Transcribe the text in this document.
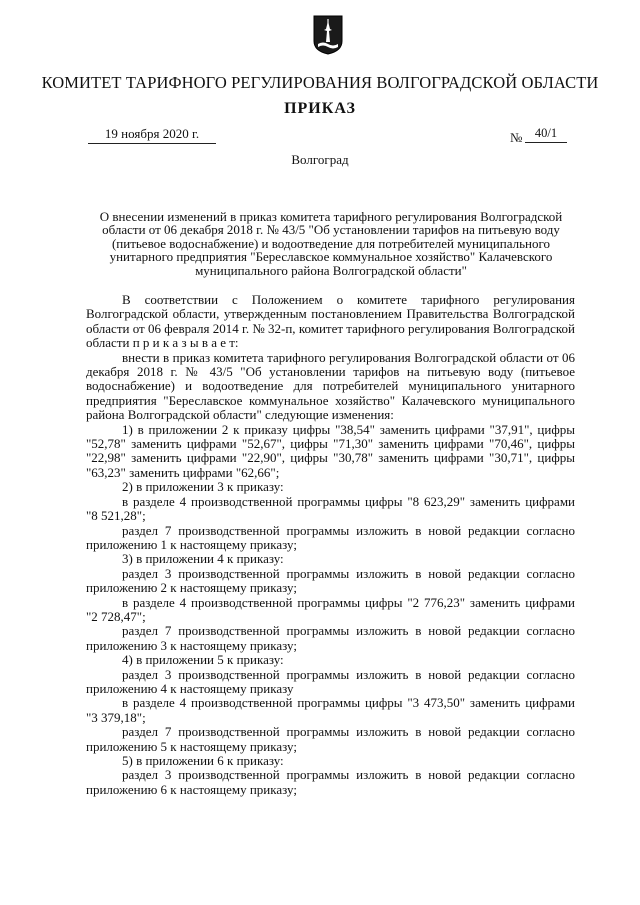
КОМИТЕТ ТАРИФНОГО РЕГУЛИРОВАНИЯ ВОЛГОГРАДСКОЙ ОБЛАСТИ
ПРИКАЗ
19 ноября 2020 г.	№ 40/1
Волгоград
О внесении изменений в приказ комитета тарифного регулирования Волгоградской области от 06 декабря 2018 г. № 43/5 "Об установлении тарифов на питьевую воду (питьевое водоснабжение) и водоотведение для потребителей муниципального унитарного предприятия "Береславское коммунальное хозяйство" Калачевского муниципального района Волгоградской области"

В соответствии с Положением о комитете тарифного регулирования Волгоградской области, утвержденным постановлением Правительства Волгоградской области от 06 февраля 2014 г. № 32-п, комитет тарифного регулирования Волгоградской области п р и к а з ы в а е т:

внести в приказ комитета тарифного регулирования Волгоградской области от 06 декабря 2018 г. № 43/5 "Об установлении тарифов на питьевую воду (питьевое водоснабжение) и водоотведение для потребителей муниципального унитарного предприятия "Береславское коммунальное хозяйство" Калачевского муниципального района Волгоградской области" следующие изменения:

1) в приложении 2 к приказу цифры "38,54" заменить цифрами "37,91", цифры "52,78" заменить цифрами "52,67", цифры "71,30" заменить цифрами "70,46", цифры "22,98" заменить цифрами "22,90", цифры "30,78" заменить цифрами "30,71", цифры "63,23" заменить цифрами "62,66";

2) в приложении 3 к приказу:

в разделе 4 производственной программы цифры "8 623,29" заменить цифрами "8 521,28";

раздел 7 производственной программы изложить в новой редакции согласно приложению 1 к настоящему приказу;

3) в приложении 4 к приказу:

раздел 3 производственной программы изложить в новой редакции согласно приложению 2 к настоящему приказу;

в разделе 4 производственной программы цифры "2 776,23" заменить цифрами "2 728,47";

раздел 7 производственной программы изложить в новой редакции согласно приложению 3 к настоящему приказу;

4) в приложении 5 к приказу:

раздел 3 производственной программы изложить в новой редакции согласно приложению 4 к настоящему приказу

в разделе 4 производственной программы цифры "3 473,50" заменить цифрами "3 379,18";

раздел 7 производственной программы изложить в новой редакции согласно приложению 5 к настоящему приказу;

5) в приложении 6 к приказу:

раздел 3 производственной программы изложить в новой редакции согласно приложению 6 к настоящему приказу;
